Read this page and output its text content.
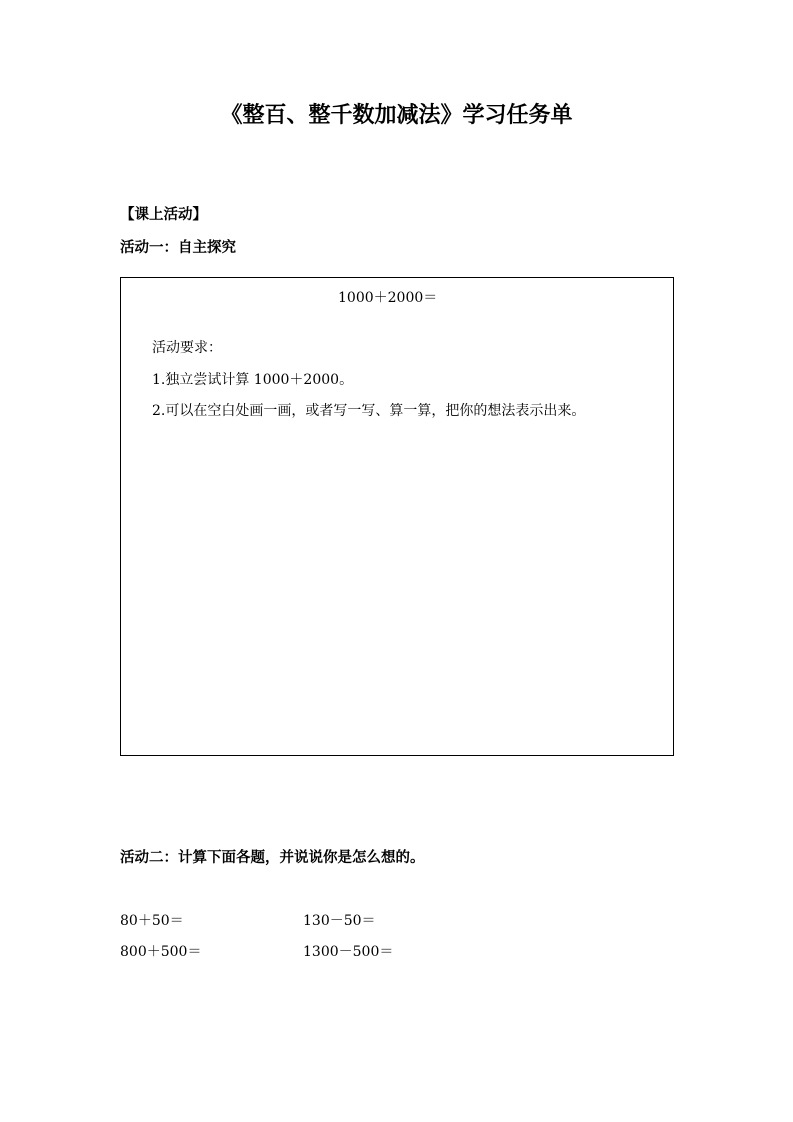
《整百、整千数加减法》学习任务单
【课上活动】
活动一：自主探究
1000＋2000＝
活动要求：
1.独立尝试计算 1000＋2000。
2.可以在空白处画一画，或者写一写、算一算，把你的想法表示出来。
活动二：计算下面各题，并说说你是怎么想的。
80＋50＝	130－50＝
800＋500＝	1300－500＝
